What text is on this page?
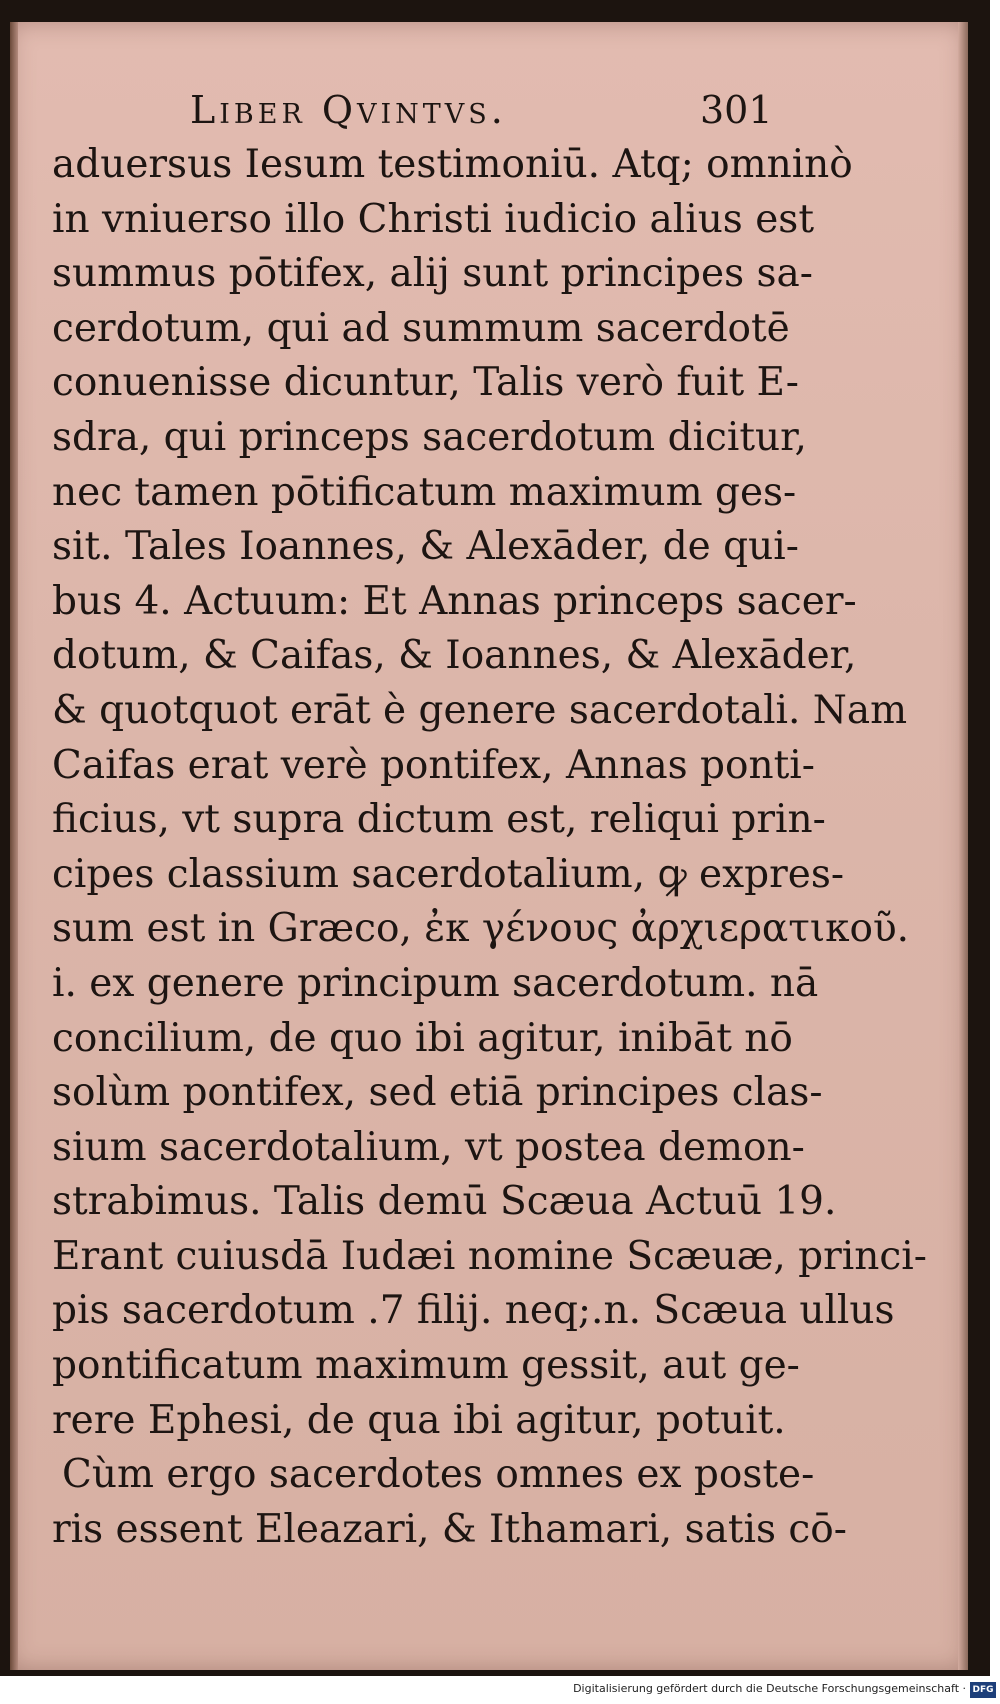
Liber Qvintvs.	301
aduersus Iesum testimoniū. Atq; omninò
in vniuerso illo Christi iudicio alius est
summus pōtifex, alij sunt principes sa-
cerdotum, qui ad summum sacerdotē
conuenisse dicuntur, Talis verò fuit E-
sdra, qui princeps sacerdotum dicitur,
nec tamen pōtificatum maximum ges-
sit. Tales Ioannes, & Alexāder, de qui-
bus 4. Actuum: Et Annas princeps sacer-
dotum, & Caifas, & Ioannes, & Alexāder,
& quotquot erāt è genere sacerdotali. Nam
Caifas erat verè pontifex, Annas ponti-
ficius, vt supra dictum est, reliqui prin-
cipes classium sacerdotalium, ꝙ expres-
sum est in Græco, ἐκ γένους ἀρχιερατικοῦ.
i. ex genere principum sacerdotum. nā
concilium, de quo ibi agitur, inibāt nō
solùm pontifex, sed etiā principes clas-
sium sacerdotalium, vt postea demon-
strabimus. Talis demū Scæua Actuū 19.
Erant cuiusdā Iudæi nomine Scæuæ, princi-
pis sacerdotum .7 filij. neq;.n. Scæua ullus
pontificatum maximum gessit, aut ge-
rere Ephesi, de qua ibi agitur, potuit.
Cùm ergo sacerdotes omnes ex poste-
ris essent Eleazari, & Ithamari, satis cō-
Digitalisierung gefördert durch die Deutsche Forschungsgemeinschaft · DFG
